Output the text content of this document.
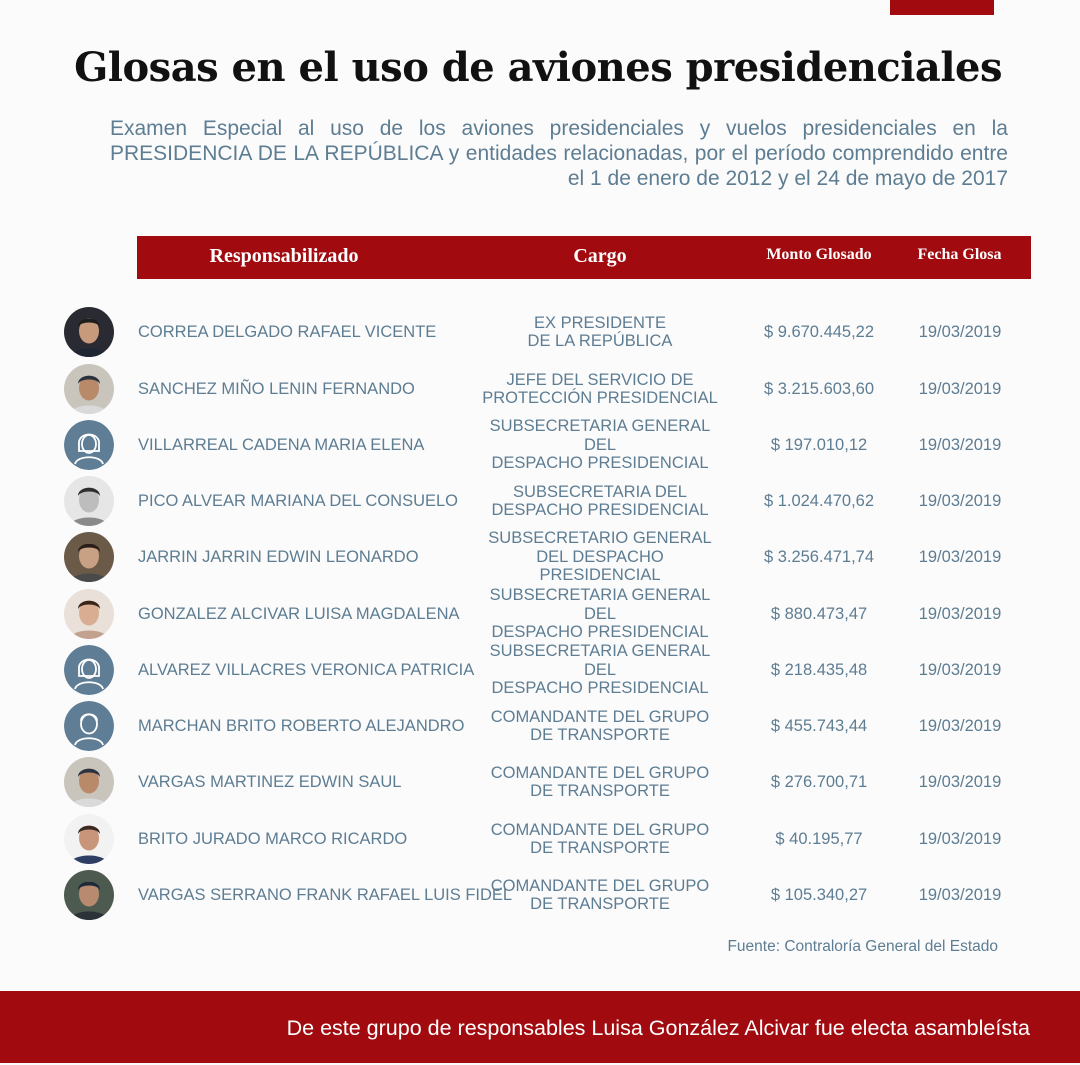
Glosas en el uso de aviones presidenciales

Examen Especial al uso de los aviones presidenciales y vuelos presidenciales en la PRESIDENCIA DE LA REPÚBLICA y entidades relacionadas, por el período comprendido entre el 1 de enero de 2012 y el 24 de mayo de 2017

Responsabilizado	Cargo	Monto Glosado	Fecha Glosa
CORREA DELGADO RAFAEL VICENTE	EX PRESIDENTE
DE LA REPÚBLICA
$ 9.670.445,22	19/03/2019
SANCHEZ MIÑO LENIN FERNANDO	JEFE DEL SERVICIO DE
PROTECCIÓN PRESIDENCIAL
$ 3.215.603,60	19/03/2019
VILLARREAL CADENA MARIA ELENA
SUBSECRETARIA GENERAL DEL
DESPACHO PRESIDENCIAL
$ 197.010,12	19/03/2019
PICO ALVEAR MARIANA DEL CONSUELO	SUBSECRETARIA DEL
DESPACHO PRESIDENCIAL
$ 1.024.470,62	19/03/2019
JARRIN JARRIN EDWIN LEONARDO
SUBSECRETARIO GENERAL
DEL DESPACHO PRESIDENCIAL
$ 3.256.471,74	19/03/2019
GONZALEZ ALCIVAR LUISA MAGDALENA
SUBSECRETARIA GENERAL DEL
DESPACHO PRESIDENCIAL
$ 880.473,47	19/03/2019
ALVAREZ VILLACRES VERONICA PATRICIA
SUBSECRETARIA GENERAL DEL
DESPACHO PRESIDENCIAL
$ 218.435,48	19/03/2019
MARCHAN BRITO ROBERTO ALEJANDRO COMANDANTE DEL GRUPO
DE TRANSPORTE
$ 455.743,44	19/03/2019
VARGAS MARTINEZ EDWIN SAUL	COMANDANTE DEL GRUPO
DE TRANSPORTE
$ 276.700,71	19/03/2019
BRITO JURADO MARCO RICARDO	COMANDANTE DEL GRUPO
DE TRANSPORTE
$ 40.195,77	19/03/2019
VARGAS SERRANO FRANK RAFAEL LUIS FIDEL
COMANDANTE DEL GRUPO
DE TRANSPORTE
$ 105.340,27	19/03/2019
Fuente: Contraloría General del Estado
De este grupo de responsables Luisa González Alcivar fue electa asambleísta
